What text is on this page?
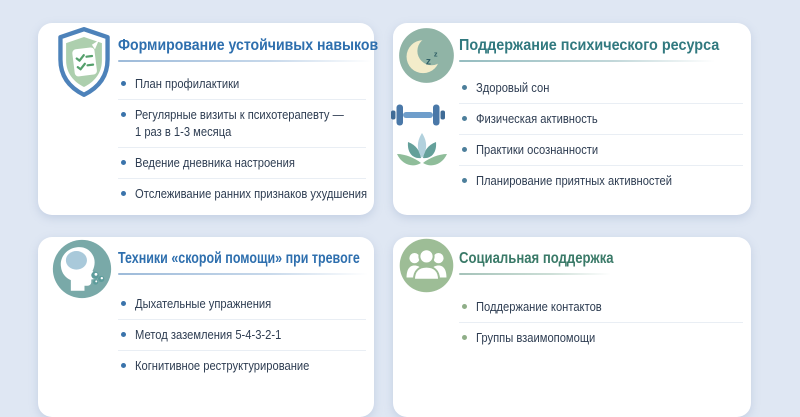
Формирование устойчивых навыков
План профилактики
Регулярные визиты к психотерапевту —
1 раз в 1-3 месяца
Ведение дневника настроения
Отслеживание ранних признаков ухудшения
z
z
Поддержание психического ресурса
Здоровый сон
Физическая активность
Практики осознанности
Планирование приятных активностей
Техники «скорой помощи» при тревоге
Дыхательные упражнения
Метод заземления 5-4-3-2-1
Когнитивное реструктурирование
Социальная поддержка
Поддержание контактов
Группы взаимопомощи
